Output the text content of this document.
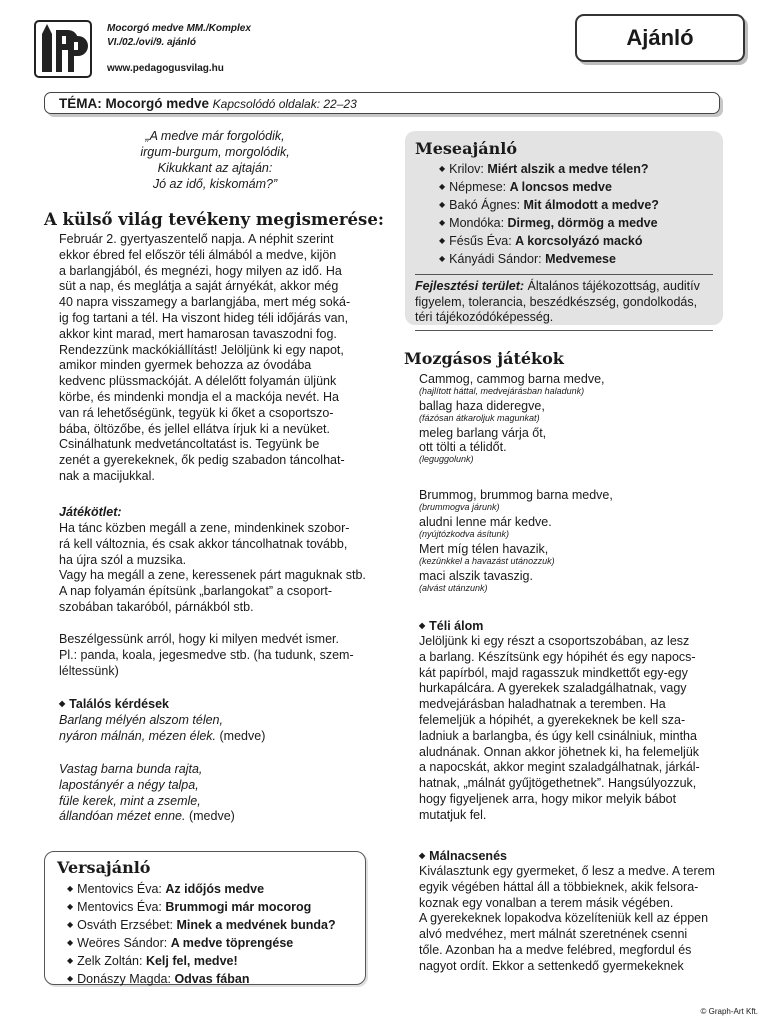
Mocorgó medve MM./Komplex
VI./02./ovi/9. ajánló
www.pedagogusvilag.hu
Ajánló
TÉMA: Mocorgó medve Kapcsolódó oldalak: 22–23
„A medve már forgolódik,
irgum-burgum, morgolódik,
Kikukkant az ajtaján:
Jó az idő, kiskomám?”
A külső világ tevékeny megismerése:
Február 2. gyertyaszentelő napja. A néphit szerint
ekkor ébred fel először téli álmából a medve, kijön
a barlangjából, és megnézi, hogy milyen az idő. Ha
süt a nap, és meglátja a saját árnyékát, akkor még
40 napra visszamegy a barlangjába, mert még soká-
ig fog tartani a tél. Ha viszont hideg téli időjárás van,
akkor kint marad, mert hamarosan tavaszodni fog.
Rendezzünk mackókiállítást! Jelöljünk ki egy napot,
amikor minden gyermek behozza az óvodába
kedvenc plüssmackóját. A délelőtt folyamán üljünk
körbe, és mindenki mondja el a mackója nevét. Ha
van rá lehetőségünk, tegyük ki őket a csoportszo-
bába, öltözőbe, és jellel ellátva írjuk ki a nevüket.
Csinálhatunk medvetáncoltatást is. Tegyünk be
zenét a gyerekeknek, ők pedig szabadon táncolhat-
nak a macijukkal.
Játékötlet:
Ha tánc közben megáll a zene, mindenkinek szobor-
rá kell változnia, és csak akkor táncolhatnak tovább,
ha újra szól a muzsika.
Vagy ha megáll a zene, keressenek párt maguknak stb.
A nap folyamán építsünk „barlangokat” a csoport-
szobában takaróból, párnákból stb.
Beszélgessünk arról, hogy ki milyen medvét ismer.
Pl.: panda, koala, jegesmedve stb. (ha tudunk, szem-
léltessünk)
◆ Találós kérdések
Barlang mélyén alszom télen,
nyáron málnán, mézen élek. (medve)
Vastag barna bunda rajta,
lapostányér a négy talpa,
füle kerek, mint a zsemle,
állandóan mézet enne. (medve)
Versajánló
◆ Mentovics Éva: Az időjós medve
◆ Mentovics Éva: Brummogi már mocorog
◆ Osváth Erzsébet: Minek a medvének bunda?
◆ Weöres Sándor: A medve töprengése
◆ Zelk Zoltán: Kelj fel, medve!
◆ Donászy Magda: Odvas fában
Meseajánló
◆ Krilov: Miért alszik a medve télen?
◆ Népmese: A loncsos medve
◆ Bakó Ágnes: Mit álmodott a medve?
◆ Mondóka: Dirmeg, dörmög a medve
◆ Fésűs Éva: A korcsolyázó mackó
◆ Kányádi Sándor: Medvemese
Fejlesztési terület: Általános tájékozottság, auditív figyelem, tolerancia, beszédkészség, gondolkodás, téri tájékozódóképesség.
Mozgásos játékok
Cammog, cammog barna medve,
(hajlított háttal, medvejárásban haladunk)
ballag haza dideregve,
(fázósan átkaroljuk magunkat)
meleg barlang várja őt,
ott tölti a télidőt.
(leguggolunk)
Brummog, brummog barna medve,
(brummogva járunk)
aludni lenne már kedve.
(nyújtózkodva ásítunk)
Mert míg télen havazik,
(kezünkkel a havazást utánozzuk)
maci alszik tavaszig.
(alvást utánzunk)
◆ Téli álom
Jelöljünk ki egy részt a csoportszobában, az lesz
a barlang. Készítsünk egy hópihét és egy napocs-
kát papírból, majd ragasszuk mindkettőt egy-egy
hurkapálcára. A gyerekek szaladgálhatnak, vagy
medvejárásban haladhatnak a teremben. Ha
felemeljük a hópihét, a gyerekeknek be kell sza-
ladniuk a barlangba, és úgy kell csinálniuk, mintha
aludnának. Onnan akkor jöhetnek ki, ha felemeljük
a napocskát, akkor megint szaladgálhatnak, járkál-
hatnak, „málnát gyűjtögethetnek”. Hangsúlyozzuk,
hogy figyeljenek arra, hogy mikor melyik bábot
mutatjuk fel.
◆ Málnacsenés
Kiválasztunk egy gyermeket, ő lesz a medve. A terem
egyik végében háttal áll a többieknek, akik felsora-
koznak egy vonalban a terem másik végében.
A gyerekeknek lopakodva közelíteniük kell az éppen
alvó medvéhez, mert málnát szeretnének csenni
tőle. Azonban ha a medve felébred, megfordul és
nagyot ordít. Ekkor a settenkedő gyermekeknek
© Graph-Art Kft.
